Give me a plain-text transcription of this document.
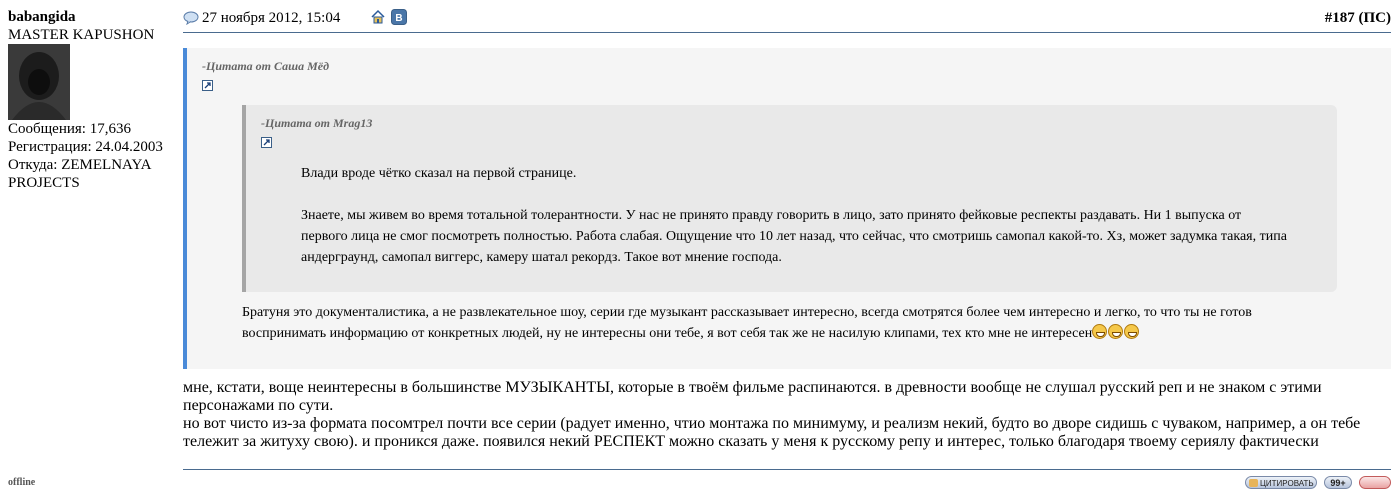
babangida
MASTER KAPUSHON
Сообщения: 17,636
Регистрация: 24.04.2003
Откуда: ZEMELNAYA PROJECTS
offline
27 ноября 2012, 15:04	В	#187 (ПС)
-Цитата от Саша Мёд
-Цитата от Mrag13

Влади вроде чётко сказал на первой странице.

Знаете, мы живем во время тотальной толерантности. У нас не принято правду говорить в лицо, зато принято фейковые респекты раздавать. Ни 1 выпуска от первого лица не смог посмотреть полностью. Работа слабая. Ощущение что 10 лет назад, что сейчас, что смотришь самопал какой-то. Хз, может задумка такая, типа андерграунд, самопал виггерс, камеру шатал рекордз. Такое вот мнение господа.

Братуня это документалистика, а не развлекательное шоу, серии где музыкант рассказывает интересно, всегда смотрятся более чем интересно и легко, то что ты не готов воспринимать информацию от конкретных людей, ну не интересны они тебе, я вот себя так же не насилую клипами, тех кто мне не интересен
мне, кстати, воще неинтересны в большинстве МУЗЫКАНТЫ, которые в твоём фильме распинаются. в древности вообще не слушал русский реп и не знаком с этими персонажами по сути.
но вот чисто из-за формата посомтрел почти все серии (радует именно, чтио монтажа по минимуму, и реализм некий, будто во дворе сидишь с чуваком, например, а он тебе тележит за житуху свою). и проникся даже. появился некий РЕСПЕКТ можно сказать у меня к русскому репу и интерес, только благодаря твоему сериялу фактически
ЦИТИРОВАТЬ	99+
